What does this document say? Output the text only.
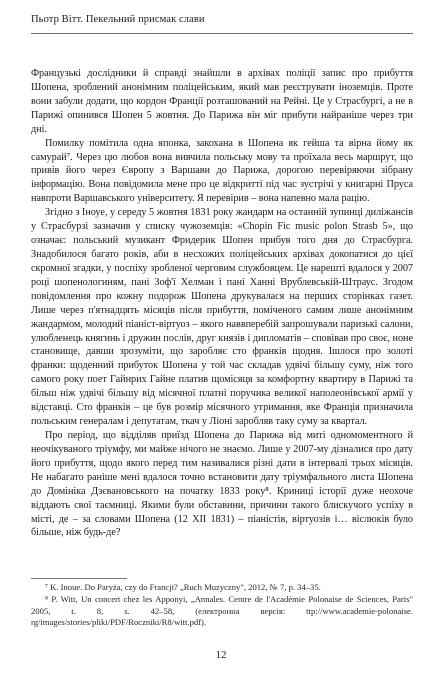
Пьотр Вітт. Пекельний присмак слави

Французькі дослідники й справді знайшли в архівах поліції запис про прибуття Шопена, зроблений анонімним поліцейським, який мав реєструвати іноземців. Проте вони забули додати, що кордон Франції розташований на Рейні. Це у Страсбургі, а не в Парижі опинився Шопен 5 жовтня. До Парижа він міг прибути найраніше через три дні.

Помилку помітила одна японка, закохана в Шопена як гейша та вірна йому як самурай⁷. Через цю любов вона вивчила польську мову та проїхала весь маршрут, що привів його через Європу з Варшави до Парижа, дорогою перевіряючи зібрану інформацію. Вона повідомила мене про це відкритті під час зустрічі у книгарні Пруса навпроти Варшавського університету. Я перевірив – вона напевно мала рацію.

Згідно з Іноуе, у середу 5 жовтня 1831 року жандарм на останній зупинці диліжансів у Страсбурзі зазначив у списку чужоземців: «Chopin Fic music polon Strasb 5», що означає: польський музикант Фридерик Шопен прибув того дня до Страсбурга. Знадобилося багато років, аби в несхожих поліцейських архівах докопатися до цієї скромної згадки, у поспіху зробленої черговим службовцем. Це нарешті вдалося у 2007 році шопенологиням, пані Зоф'ї Хелман і пані Ханні Врублевській-Штраус. Згодом повідомлення про кожну подорож Шопена друкувалася на перших сторінках газет. Лише через п'ятнадцять місяців після прибуття, поміченого самим лише анонімним жандармом, молодий піаніст-віртуоз – якого наввперебій запрошували паризькі салони, улюбленець княгинь і дружин послів, друг князів і дипломатів – сповівав про своє, ноне становище, давши зрозуміти, що заробляє сто франків щодня. Ішлося про золоті франки: щоденний прибуток Шопена у той час складав удвічі більшу суму, ніж того самого року поет Гайнрих Гайне платив щомісяця за комфортну квартиру в Парижі та більш ніж удвічі більшу від місячної платні поручика великої наполеонівської армії у відставці. Сто франків – це був розмір місячного утримання, яке Франція призначила польським генералам і депутатам, ткач у Ліоні заробляв таку суму за квартал.

Про період, що відділяв приїзд Шопена до Парижа від миті одномоментного й неочікуваного тріумфу, ми майже нічого не знаємо. Лише у 2007-му дізналися про дату його прибуття, щодо якого перед тим називалися різні дати в інтервалі трьох місяців. Не набагато раніше мені вдалося точно встановити дату тріумфального листа Шопена до Домініка Дзєвановського на початку 1833 року⁸. Криниці історії дуже неохоче віддають свої таємниці. Якими були обставини, причини такого блискучого успіху в місті, де – за словами Шопена (12 XII 1831) – піаністів, віртуозів і… віслюків було більше, ніж будь-де?

⁷ K. Inoue. Do Paryża, czy do Francji? „Ruch Muzyczny", 2012, № 7, p. 34–35.

⁸ P. Witt, Un concert chez les Apponyi, „Annales. Centre de l'Académie Polonaise de Sciences, Paris" 2005, t. 8, s. 42–58, (електронна версія: ttp://www.academie-polonaise. rg/images/stories/pliki/PDF/Roczniki/R8/witt.pdf).

12
